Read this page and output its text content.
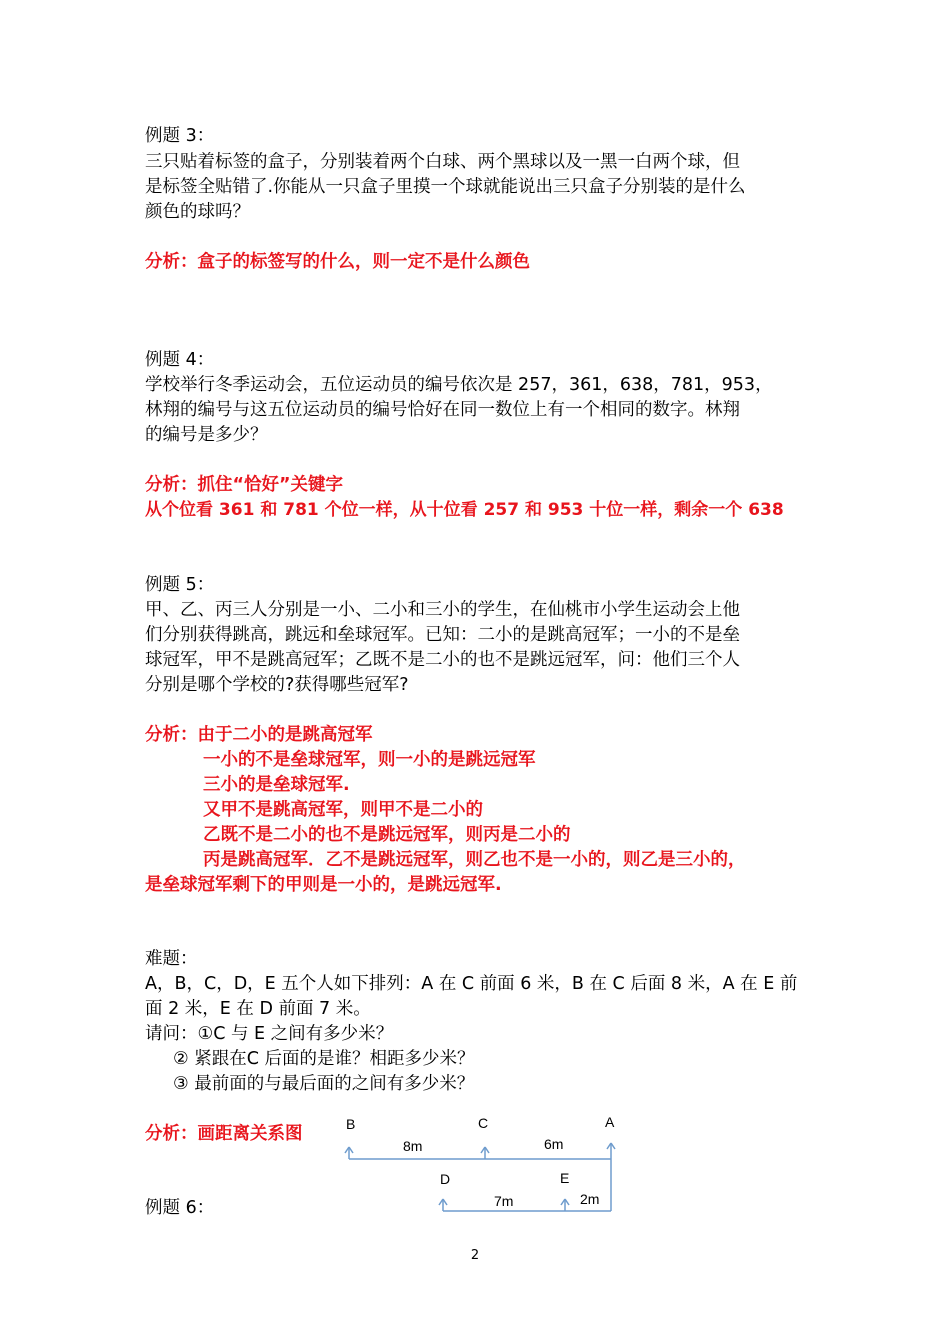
例题 3：
三只贴着标签的盒子，分别装着两个白球、两个黑球以及一黑一白两个球，但
是标签全贴错了.你能从一只盒子里摸一个球就能说出三只盒子分别装的是什么
颜色的球吗？
分析：盒子的标签写的什么，则一定不是什么颜色
例题 4：
学校举行冬季运动会，五位运动员的编号依次是 257，361，638，781，953，
林翔的编号与这五位运动员的编号恰好在同一数位上有一个相同的数字。林翔
的编号是多少？
分析：抓住“恰好”关键字
从个位看 361 和 781 个位一样，从十位看 257 和 953 十位一样，剩余一个 638
例题 5：
甲、乙、丙三人分别是一小、二小和三小的学生，在仙桃市小学生运动会上他
们分别获得跳高，跳远和垒球冠军。已知：二小的是跳高冠军；一小的不是垒
球冠军，甲不是跳高冠军；乙既不是二小的也不是跳远冠军，问：他们三个人
分别是哪个学校的?获得哪些冠军?
分析：由于二小的是跳高冠军
一小的不是垒球冠军，则一小的是跳远冠军
三小的是垒球冠军.
又甲不是跳高冠军，则甲不是二小的
乙既不是二小的也不是跳远冠军，则丙是二小的
丙是跳高冠军．乙不是跳远冠军，则乙也不是一小的，则乙是三小的，
是垒球冠军剩下的甲则是一小的，是跳远冠军.
难题：
A，B，C，D，E 五个人如下排列：A 在 C 前面 6 米，B 在 C 后面 8 米，A 在 E 前
面 2 米，E 在 D 前面 7 米。
请问：①C 与 E 之间有多少米？
② 紧跟在C 后面的是谁？相距多少米？
③ 最前面的与最后面的之间有多少米？
分析：画距离关系图	B	C	A
8m	6m
D	E
7m	2m
例题 6：
2
